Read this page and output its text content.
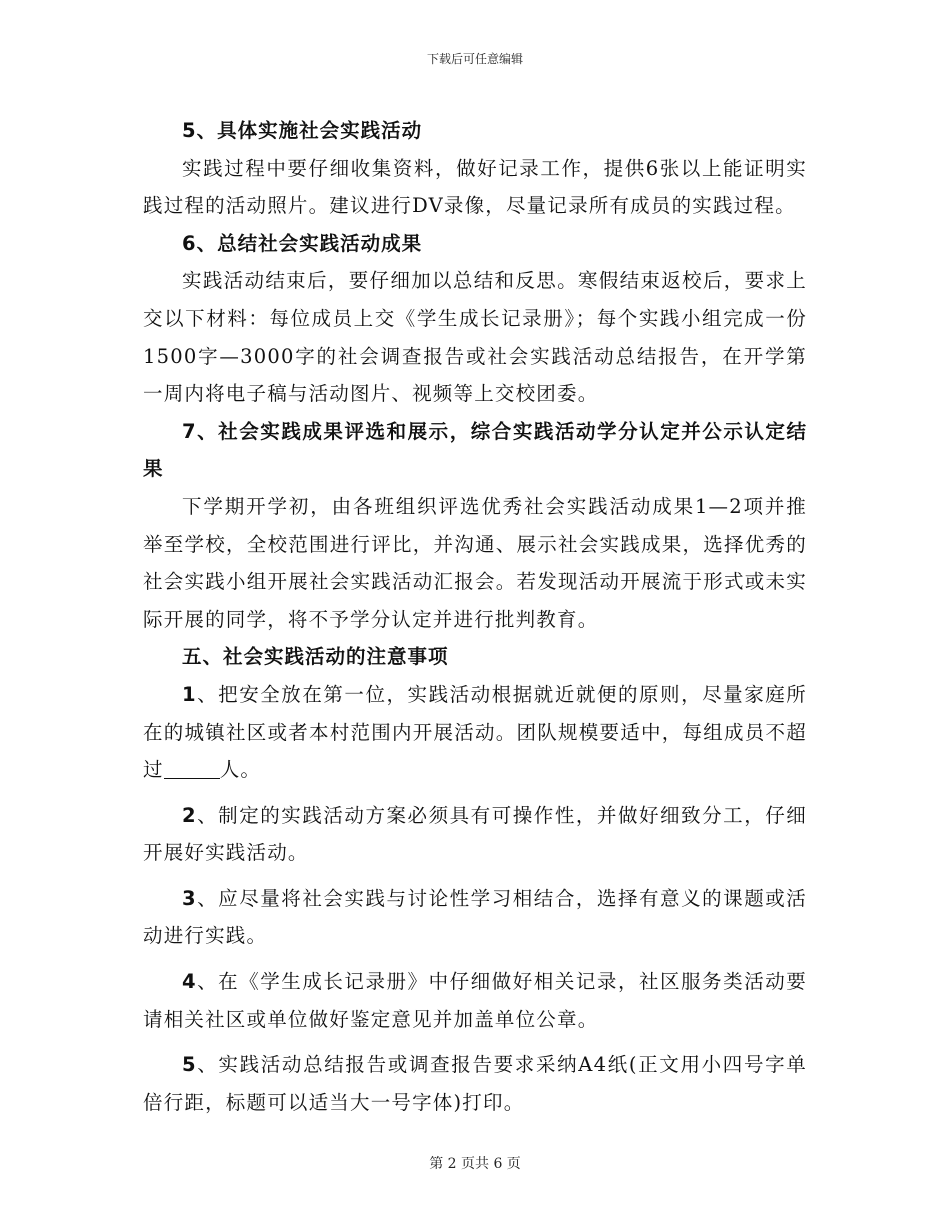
下载后可任意编辑

5、具体实施社会实践活动

实践过程中要仔细收集资料，做好记录工作，提供6张以上能证明实践过程的活动照片。建议进行DV录像，尽量记录所有成员的实践过程。

6、总结社会实践活动成果

实践活动结束后，要仔细加以总结和反思。寒假结束返校后，要求上交以下材料：每位成员上交《学生成长记录册》；每个实践小组完成一份1500字—3000字的社会调查报告或社会实践活动总结报告，在开学第一周内将电子稿与活动图片、视频等上交校团委。

7、社会实践成果评选和展示，综合实践活动学分认定并公示认定结果

下学期开学初，由各班组织评选优秀社会实践活动成果1—2项并推举至学校，全校范围进行评比，并沟通、展示社会实践成果，选择优秀的社会实践小组开展社会实践活动汇报会。若发现活动开展流于形式或未实际开展的同学，将不予学分认定并进行批判教育。

五、社会实践活动的注意事项

1、把安全放在第一位，实践活动根据就近就便的原则，尽量家庭所在的城镇社区或者本村范围内开展活动。团队规模要适中，每组成员不超过	人。

2、制定的实践活动方案必须具有可操作性，并做好细致分工，仔细开展好实践活动。

3、应尽量将社会实践与讨论性学习相结合，选择有意义的课题或活动进行实践。

4、在《学生成长记录册》中仔细做好相关记录，社区服务类活动要请相关社区或单位做好鉴定意见并加盖单位公章。

5、实践活动总结报告或调查报告要求采纳A4纸(正文用小四号字单倍行距，标题可以适当大一号字体)打印。

第 2 页共 6 页
